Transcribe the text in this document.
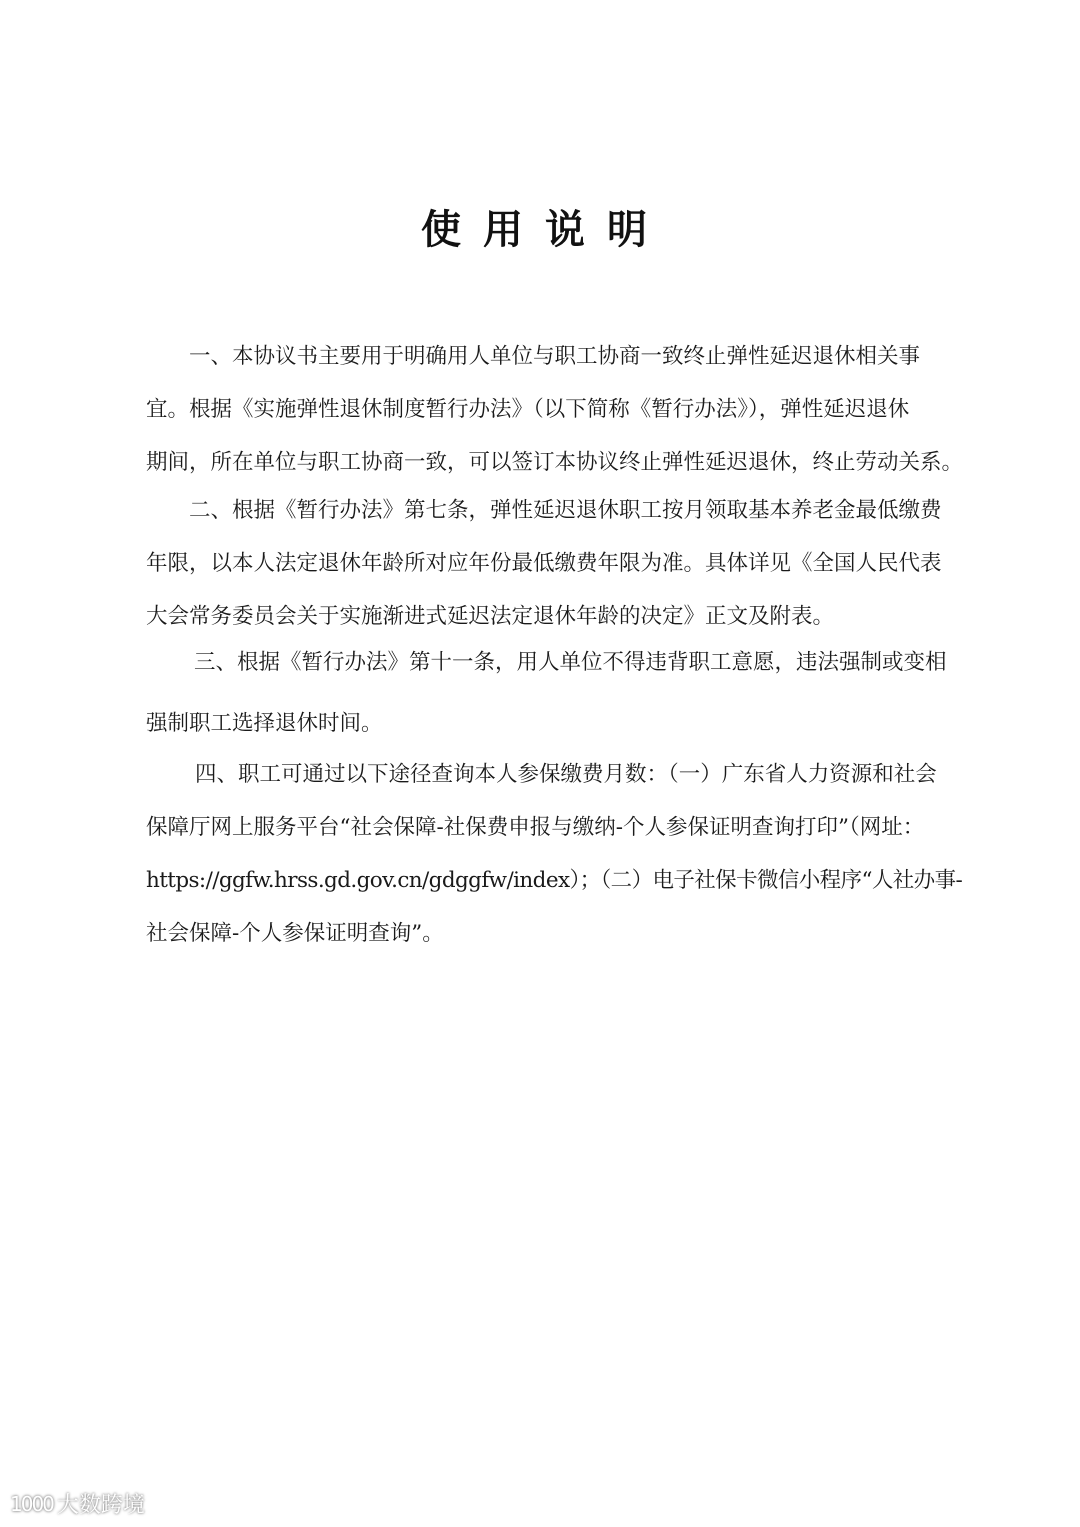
使用说明
一、本协议书主要用于明确用人单位与职工协商一致终止弹性延迟退休相关事
宜。根据《实施弹性退休制度暂行办法》（以下简称《暂行办法》），弹性延迟退休
期间，所在单位与职工协商一致，可以签订本协议终止弹性延迟退休，终止劳动关系。
二、根据《暂行办法》第七条，弹性延迟退休职工按月领取基本养老金最低缴费
年限，以本人法定退休年龄所对应年份最低缴费年限为准。具体详见《全国人民代表
大会常务委员会关于实施渐进式延迟法定退休年龄的决定》正文及附表。
三、根据《暂行办法》第十一条，用人单位不得违背职工意愿，违法强制或变相
强制职工选择退休时间。
四、职工可通过以下途径查询本人参保缴费月数：（一）广东省人力资源和社会
保障厅网上服务平台“社会保障-社保费申报与缴纳-个人参保证明查询打印”（网址：
https://ggfw.hrss.gd.gov.cn/gdggfw/index）；（二）电子社保卡微信小程序“人社办事-
社会保障-个人参保证明查询”。
1000 大数跨境
